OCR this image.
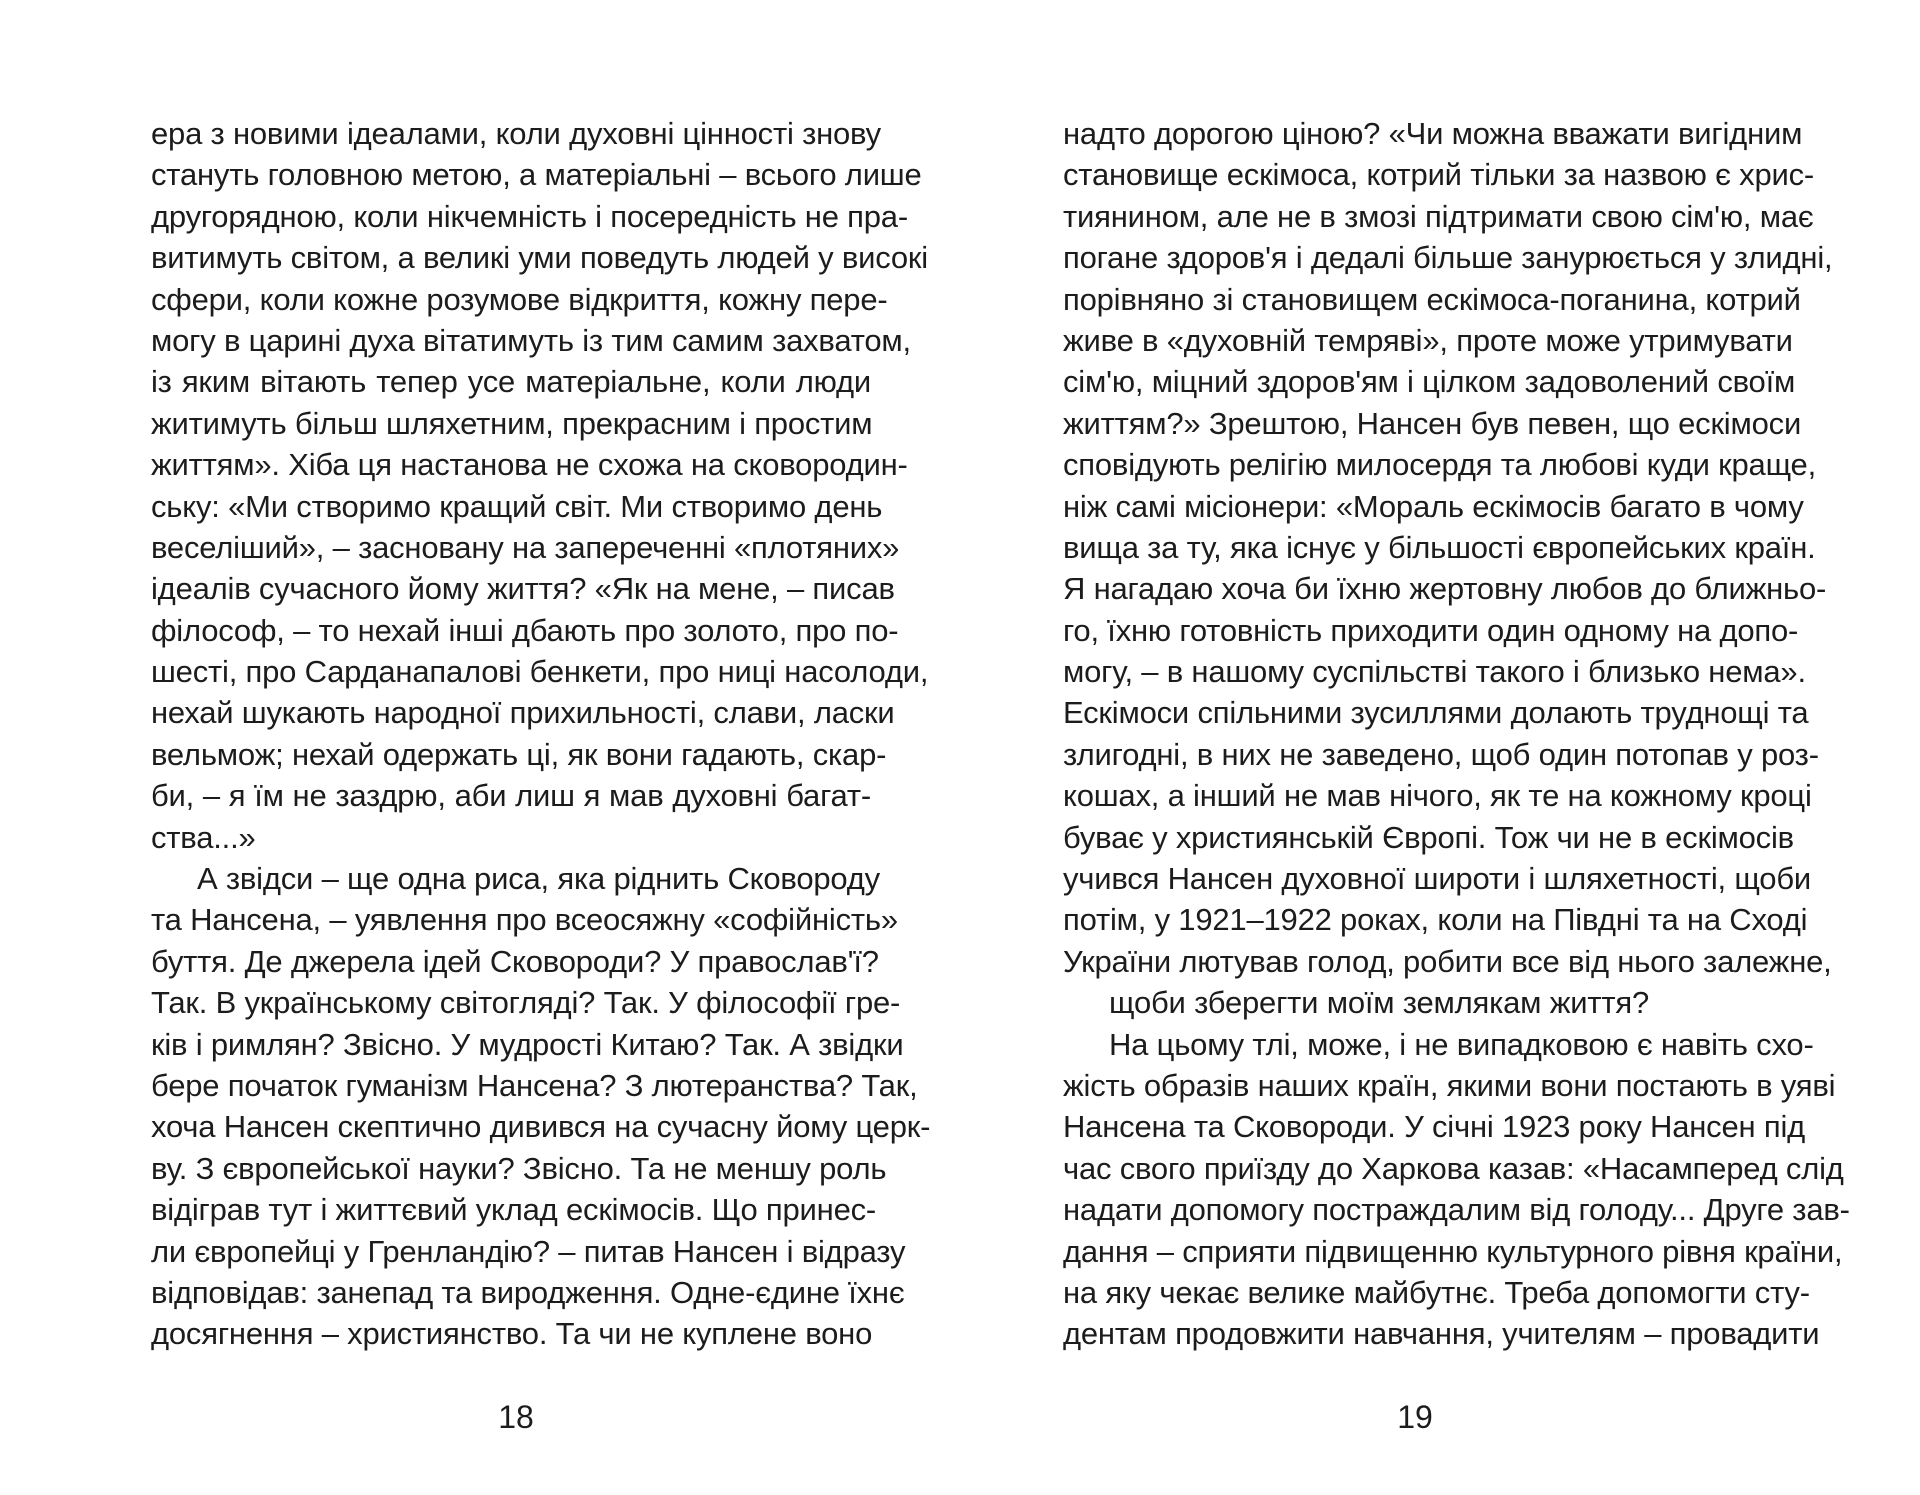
ера з новими ідеалами, коли духовні цінності знову
стануть головною метою, а матеріальні – всього лише
другорядною, коли нікчемність і посередність не пра-
витимуть світом, а великі уми поведуть людей у високі
сфери, коли кожне розумове відкриття, кожну пере-
могу в царині духа вітатимуть із тим самим захватом,
із яким вітають тепер усе матеріальне, коли люди
житимуть більш шляхетним, прекрасним і простим
життям». Хіба ця настанова не схожа на сковородин-
ську: «Ми створимо кращий світ. Ми створимо день
веселіший», – засновану на запереченні «плотяних»
ідеалів сучасного йому життя? «Як на мене, – писав
філософ, – то нехай інші дбають про золото, про по-
шесті, про Сарданапалові бенкети, про ниці насолоди,
нехай шукають народної прихильності, слави, ласки
вельмож; нехай одержать ці, як вони гадають, скар-
би, – я їм не заздрю, аби лиш я мав духовні багат-
ства...»
А звідси – ще одна риса, яка ріднить Сковороду
та Нансена, – уявлення про всеосяжну «софійність»
буття. Де джерела ідей Сковороди? У православ'ї?
Так. В українському світогляді? Так. У філософії гре-
ків і римлян? Звісно. У мудрості Китаю? Так. А звідки
бере початок гуманізм Нансена? З лютеранства? Так,
хоча Нансен скептично дивився на сучасну йому церк-
ву. З європейської науки? Звісно. Та не меншу роль
відіграв тут і життєвий уклад ескімосів. Що принес-
ли європейці у Гренландію? – питав Нансен і відразу
відповідав: занепад та виродження. Одне-єдине їхнє
досягнення – християнство. Та чи не куплене воно
18
надто дорогою ціною? «Чи можна вважати вигідним
становище ескімоса, котрий тільки за назвою є хрис-
тиянином, але не в змозі підтримати свою сім'ю, має
погане здоров'я і дедалі більше занурюється у злидні,
порівняно зі становищем ескімоса-поганина, котрий
живе в «духовній темряві», проте може утримувати
сім'ю, міцний здоров'ям і цілком задоволений своїм
життям?» Зрештою, Нансен був певен, що ескімоси
сповідують релігію милосердя та любові куди краще,
ніж самі місіонери: «Мораль ескімосів багато в чому
вища за ту, яка існує у більшості європейських країн.
Я нагадаю хоча би їхню жертовну любов до ближньо-
го, їхню готовність приходити один одному на допо-
могу, – в нашому суспільстві такого і близько нема».
Ескімоси спільними зусиллями долають труднощі та
злигодні, в них не заведено, щоб один потопав у роз-
кошах, а інший не мав нічого, як те на кожному кроці
буває у християнській Європі. Тож чи не в ескімосів
учився Нансен духовної широти і шляхетності, щоби
потім, у 1921–1922 роках, коли на Півдні та на Сході
України лютував голод, робити все від нього залежне,
щоби зберегти моїм землякам життя?
На цьому тлі, може, і не випадковою є навіть схо-
жість образів наших країн, якими вони постають в уяві
Нансена та Сковороди. У січні 1923 року Нансен під
час свого приїзду до Харкова казав: «Насамперед слід
надати допомогу постраждалим від голоду... Друге зав-
дання – сприяти підвищенню культурного рівня країни,
на яку чекає велике майбутнє. Треба допомогти сту-
дентам продовжити навчання, учителям – провадити
19
